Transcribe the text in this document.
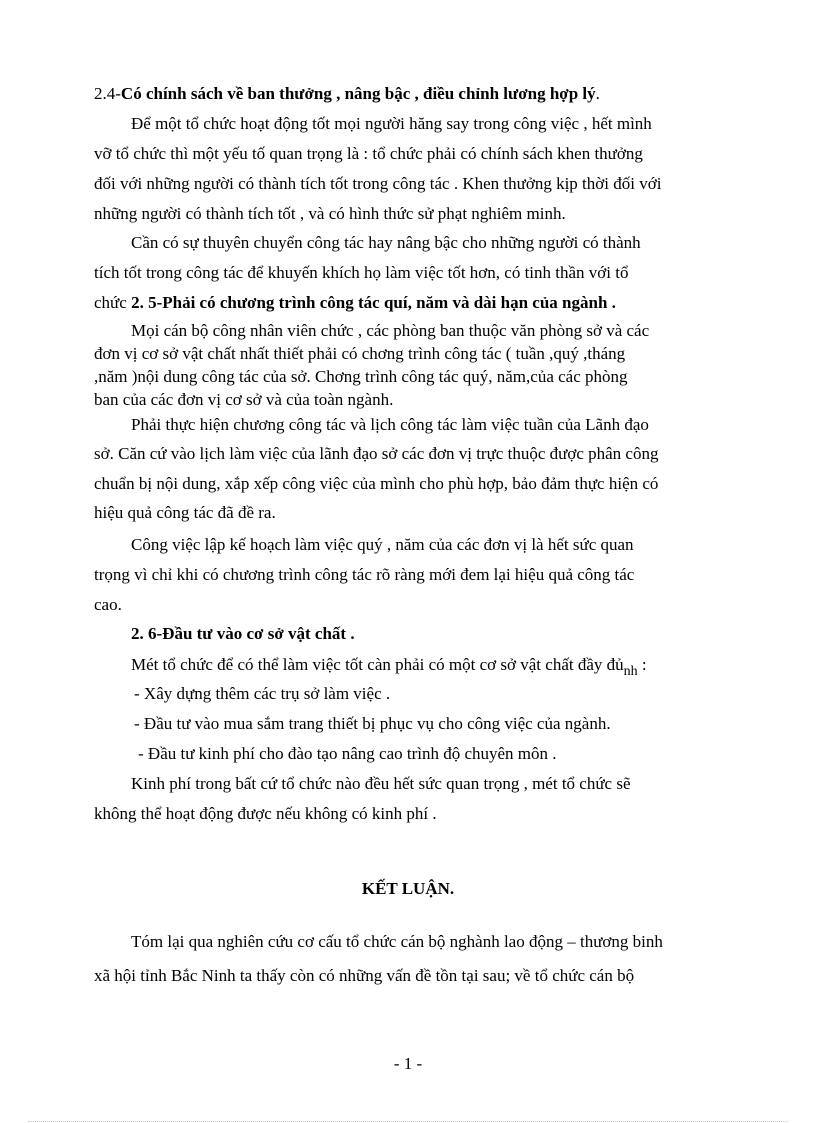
2.4-Có chính sách về ban thưởng , nâng bậc , điều chỉnh lương hợp lý.
Để một tổ chức hoạt động tốt mọi người hăng say trong công việc , hết mình
vỡ tổ chức thì một yếu tố quan trọng là : tổ chức phải có chính sách khen thưởng
đối với những người có thành tích tốt trong công tác . Khen thưởng kịp thời đối với
những người có thành tích tốt , và có hình thức sử phạt nghiêm minh.
Cần có sự thuyên chuyển công tác hay nâng bậc cho những người có thành
tích tốt trong công tác để khuyến khích họ làm việc tốt hơn, có tinh thần với tổ
chức 2. 5-Phải có chương trình công tác quí, năm và dài hạn của ngành .
Mọi cán bộ công nhân viên chức , các phòng ban thuộc văn phòng sở và các
đơn vị cơ sở vật chất nhất thiết phải có chơng trình công tác ( tuần ,quý ,tháng
,năm )nội dung công tác của sở. Chơng trình công tác quý, năm,của các phòng
ban của các đơn vị cơ sở và của toàn ngành.
Phải thực hiện chương công tác và lịch công tác làm việc tuần của Lãnh đạo
sở. Căn cứ vào lịch làm việc của lãnh đạo sở các đơn vị trực thuộc được phân công
chuẩn bị nội dung, xắp xếp công việc của mình cho phù hợp, bảo đảm thực hiện có
hiệu quả công tác đã đề ra.
Công việc lập kế hoạch làm việc quý , năm của các đơn vị là hết sức quan
trọng vì chỉ khi có chương trình công tác rõ ràng mới đem lại hiệu quả công tác
cao.
2. 6-Đầu tư vào cơ sở vật chất .
Mét tổ chức để có thể làm việc tốt càn phải có một cơ sở vật chất đầy đủ$_{nh}$ :
- Xây dựng thêm các trụ sở làm việc .
- Đầu tư vào mua sắm trang thiết bị phục vụ cho công việc của ngành.
- Đầu tư kinh phí cho đào tạo nâng cao trình độ chuyên môn .
Kinh phí trong bất cứ tổ chức nào đều hết sức quan trọng , mét tổ chức sẽ
không thể hoạt động được nếu không có kinh phí .
KẾT LUẬN.
Tóm lại qua nghiên cứu cơ cấu tổ chức cán bộ nghành lao động – thương binh
xã hội tỉnh Bắc Ninh ta thấy còn có những vấn đề tồn tại sau; về tổ chức cán bộ
- 1 -
